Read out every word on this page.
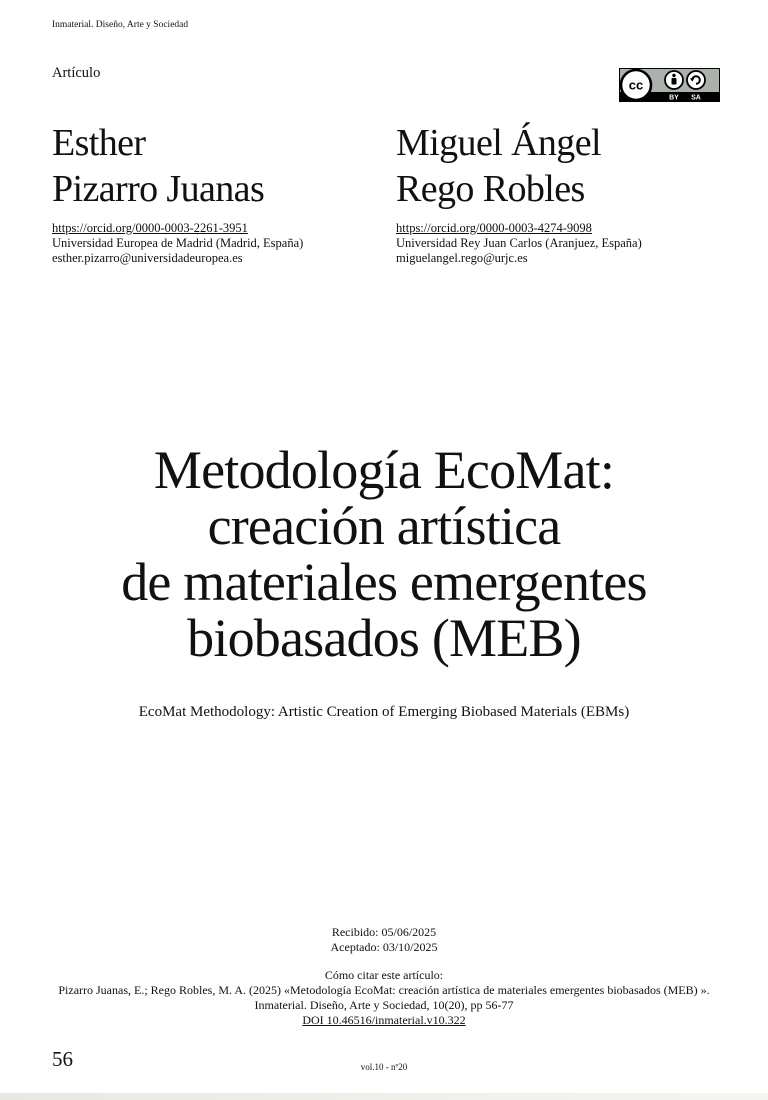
Inmaterial. Diseño, Arte y Sociedad
Artículo
cc
BY SA
Esther
Pizarro Juanas
Miguel Ángel
Rego Robles
https://orcid.org/0000-0003-2261-3951
Universidad Europea de Madrid (Madrid, España)
esther.pizarro@universidadeuropea.es
https://orcid.org/0000-0003-4274-9098
Universidad Rey Juan Carlos (Aranjuez, España)
miguelangel.rego@urjc.es
Metodología EcoMat:
creación artística
de materiales emergentes
biobasados (MEB)
EcoMat Methodology: Artistic Creation of Emerging Biobased Materials (EBMs)
Recibido: 05/06/2025
Aceptado: 03/10/2025
Cómo citar este artículo:
Pizarro Juanas, E.; Rego Robles, M. A. (2025) «Metodología EcoMat: creación artística de materiales emergentes biobasados (MEB) ».
Inmaterial. Diseño, Arte y Sociedad, 10(20), pp 56-77
DOI 10.46516/inmaterial.v10.322
56	vol.10 - nº20
